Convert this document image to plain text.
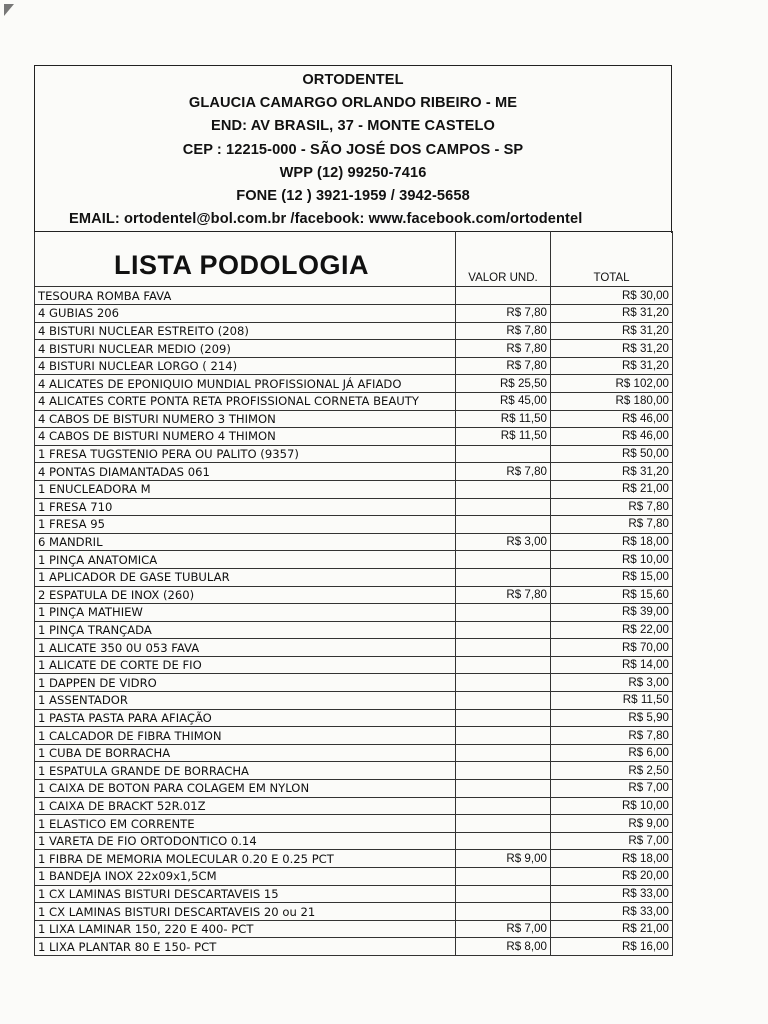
ORTODENTEL
GLAUCIA CAMARGO ORLANDO RIBEIRO - ME
END: AV BRASIL, 37 - MONTE CASTELO
CEP : 12215-000 - SÃO JOSÉ DOS CAMPOS - SP
WPP (12) 99250-7416
FONE (12 ) 3921-1959 / 3942-5658
EMAIL: ortodentel@bol.com.br /facebook: www.facebook.com/ortodentel
LISTA PODOLOGIA	VALOR UND.	TOTAL

TESOURA ROMBA FAVA		R$ 30,00
4 GUBIAS 206	R$ 7,80	R$ 31,20
4 BISTURI NUCLEAR ESTREITO (208)	R$ 7,80	R$ 31,20
4 BISTURI NUCLEAR MEDIO (209)	R$ 7,80	R$ 31,20
4 BISTURI NUCLEAR LORGO ( 214)	R$ 7,80	R$ 31,20
4 ALICATES DE EPONIQUIO MUNDIAL PROFISSIONAL JÁ AFIADO	R$ 25,50	R$ 102,00
4 ALICATES CORTE PONTA RETA PROFISSIONAL CORNETA BEAUTY	R$ 45,00	R$ 180,00
4 CABOS DE BISTURI NUMERO 3 THIMON	R$ 11,50	R$ 46,00
4 CABOS DE BISTURI NUMERO 4 THIMON	R$ 11,50	R$ 46,00
1 FRESA TUGSTENIO PERA OU PALITO (9357)		R$ 50,00
4 PONTAS DIAMANTADAS 061	R$ 7,80	R$ 31,20
1 ENUCLEADORA M		R$ 21,00
1 FRESA 710		R$ 7,80
1 FRESA 95		R$ 7,80
6 MANDRIL	R$ 3,00	R$ 18,00
1 PINÇA ANATOMICA		R$ 10,00
1 APLICADOR DE GASE TUBULAR		R$ 15,00
2 ESPATULA DE INOX (260)	R$ 7,80	R$ 15,60
1 PINÇA MATHIEW		R$ 39,00
1 PINÇA TRANÇADA		R$ 22,00
1 ALICATE 350 0U 053 FAVA		R$ 70,00
1 ALICATE DE CORTE DE FIO		R$ 14,00
1 DAPPEN DE VIDRO		R$ 3,00
1 ASSENTADOR		R$ 11,50
1 PASTA PASTA PARA AFIAÇÃO		R$ 5,90
1 CALCADOR DE FIBRA THIMON		R$ 7,80
1 CUBA DE BORRACHA		R$ 6,00
1 ESPATULA GRANDE DE BORRACHA		R$ 2,50
1 CAIXA DE BOTON PARA COLAGEM EM NYLON		R$ 7,00
1 CAIXA DE BRACKT 52R.01Z		R$ 10,00
1 ELASTICO EM CORRENTE		R$ 9,00
1 VARETA DE FIO ORTODONTICO 0.14		R$ 7,00
1 FIBRA DE MEMORIA MOLECULAR 0.20 E 0.25 PCT	R$ 9,00	R$ 18,00
1 BANDEJA INOX 22x09x1,5CM		R$ 20,00
1 CX LAMINAS BISTURI DESCARTAVEIS 15		R$ 33,00
1 CX LAMINAS BISTURI DESCARTAVEIS 20 ou 21		R$ 33,00
1 LIXA LAMINAR 150, 220 E 400- PCT	R$ 7,00	R$ 21,00
1 LIXA PLANTAR 80 E 150- PCT	R$ 8,00	R$ 16,00
